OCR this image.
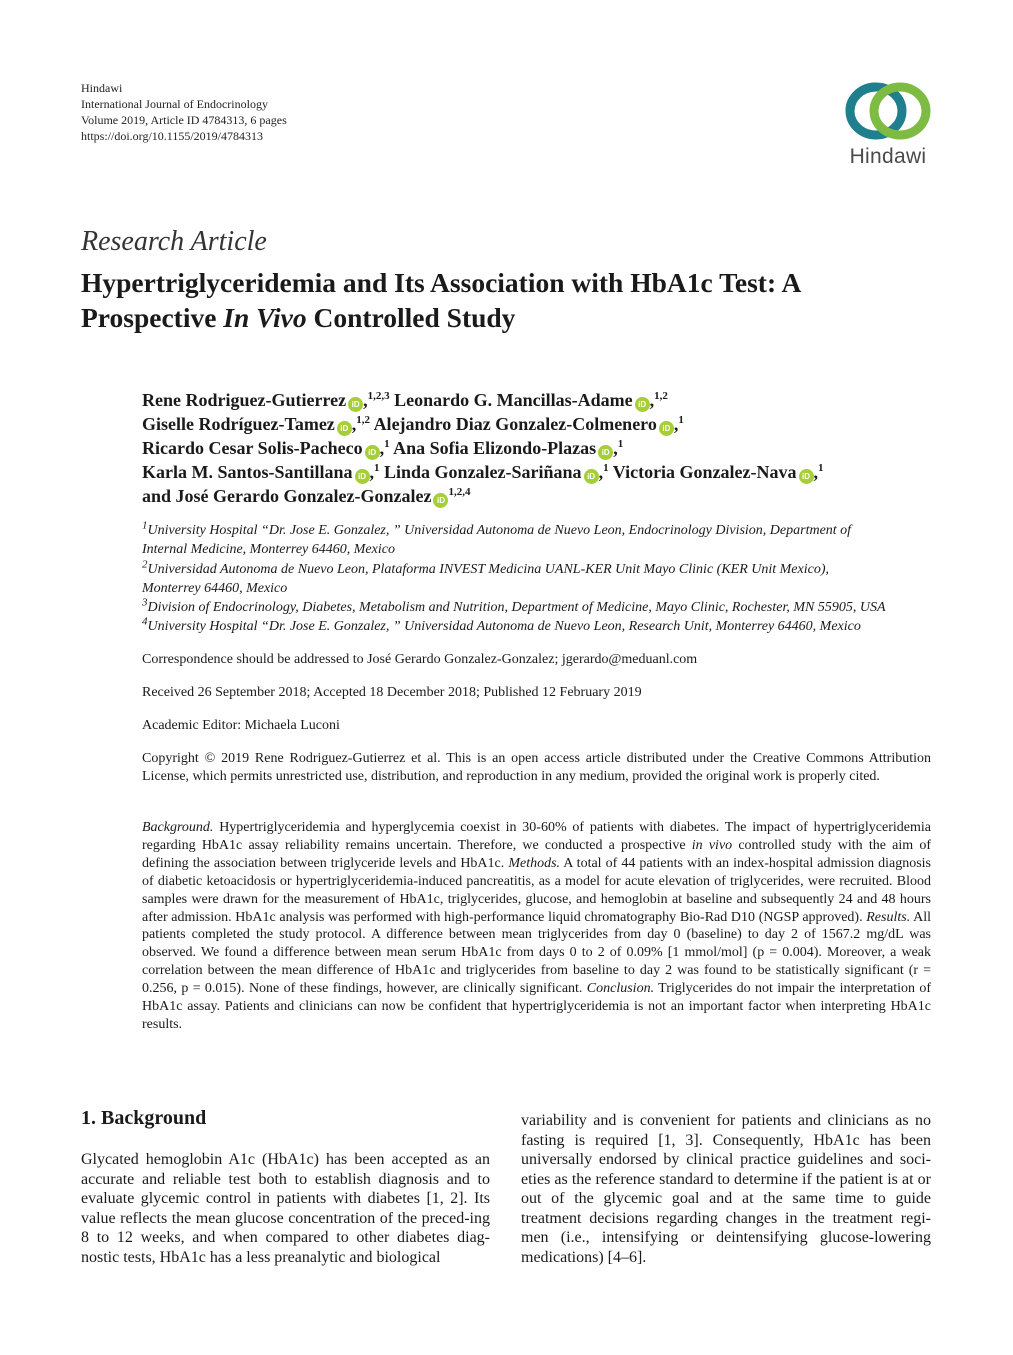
Hindawi
International Journal of Endocrinology
Volume 2019, Article ID 4784313, 6 pages
https://doi.org/10.1155/2019/4784313
Hindawi
Research Article
Hypertriglyceridemia and Its Association with HbA1c Test: A Prospective In Vivo Controlled Study
Rene Rodriguez-Gutierrez iD ,$^{1,2,3}$ Leonardo G. Mancillas-Adame iD ,$^{1,2}$
Giselle Rodríguez-Tamez iD ,$^{1,2}$ Alejandro Diaz Gonzalez-Colmenero iD ,$^1$
Ricardo Cesar Solis-Pacheco iD ,$^1$ Ana Sofia Elizondo-Plazas iD ,$^1$
Karla M. Santos-Santillana iD ,$^1$ Linda Gonzalez-Sariñana iD ,$^1$ Victoria Gonzalez-Nava iD ,$^1$
and José Gerardo Gonzalez-Gonzalez iD$^{1,2,4}$
$^1$University Hospital “Dr. Jose E. Gonzalez, ” Universidad Autonoma de Nuevo Leon, Endocrinology Division, Department of
Internal Medicine, Monterrey 64460, Mexico
$^2$Universidad Autonoma de Nuevo Leon, Plataforma INVEST Medicina UANL-KER Unit Mayo Clinic (KER Unit Mexico),
Monterrey 64460, Mexico
$^3$Division of Endocrinology, Diabetes, Metabolism and Nutrition, Department of Medicine, Mayo Clinic, Rochester, MN 55905, USA
$^4$University Hospital “Dr. Jose E. Gonzalez, ” Universidad Autonoma de Nuevo Leon, Research Unit, Monterrey 64460, Mexico
Correspondence should be addressed to José Gerardo Gonzalez-Gonzalez; jgerardo@meduanl.com
Received 26 September 2018; Accepted 18 December 2018; Published 12 February 2019
Academic Editor: Michaela Luconi
Copyright © 2019 Rene Rodriguez-Gutierrez et al. This is an open access article distributed under the Creative Commons Attribution License, which permits unrestricted use, distribution, and reproduction in any medium, provided the original work is properly cited.
Background. Hypertriglyceridemia and hyperglycemia coexist in 30-60% of patients with diabetes. The impact of hypertriglyceridemia regarding HbA1c assay reliability remains uncertain. Therefore, we conducted a prospective in vivo controlled study with the aim of defining the association between triglyceride levels and HbA1c. Methods. A total of 44 patients with an index-hospital admission diagnosis of diabetic ketoacidosis or hypertriglyceridemia-induced pancreatitis, as a model for acute elevation of triglycerides, were recruited. Blood samples were drawn for the measurement of HbA1c, triglycerides, glucose, and hemoglobin at baseline and subsequently 24 and 48 hours after admission. HbA1c analysis was performed with high-performance liquid chromatography Bio-Rad D10 (NGSP approved). Results. All patients completed the study protocol. A difference between mean triglycerides from day 0 (baseline) to day 2 of 1567.2 mg/dL was observed. We found a difference between mean serum HbA1c from days 0 to 2 of 0.09% [1 mmol/mol] (p = 0.004). Moreover, a weak correlation between the mean difference of HbA1c and triglycerides from baseline to day 2 was found to be statistically significant (r = 0.256, p = 0.015). None of these findings, however, are clinically significant. Conclusion. Triglycerides do not impair the interpretation of HbA1c assay. Patients and clinicians can now be confident that hypertriglyceridemia is not an important factor when interpreting HbA1c results.
1. Background
Glycated hemoglobin A1c (HbA1c) has been accepted as an accurate and reliable test both to establish diagnosis and to evaluate glycemic control in patients with diabetes [1, 2]. Its value reflects the mean glucose concentration of the preced-ing 8 to 12 weeks, and when compared to other diabetes diag-nostic tests, HbA1c has a less preanalytic and biological
variability and is convenient for patients and clinicians as no fasting is required [1, 3]. Consequently, HbA1c has been universally endorsed by clinical practice guidelines and soci-eties as the reference standard to determine if the patient is at or out of the glycemic goal and at the same time to guide treatment decisions regarding changes in the treatment regi-men (i.e., intensifying or deintensifying glucose-lowering medications) [4–6].
